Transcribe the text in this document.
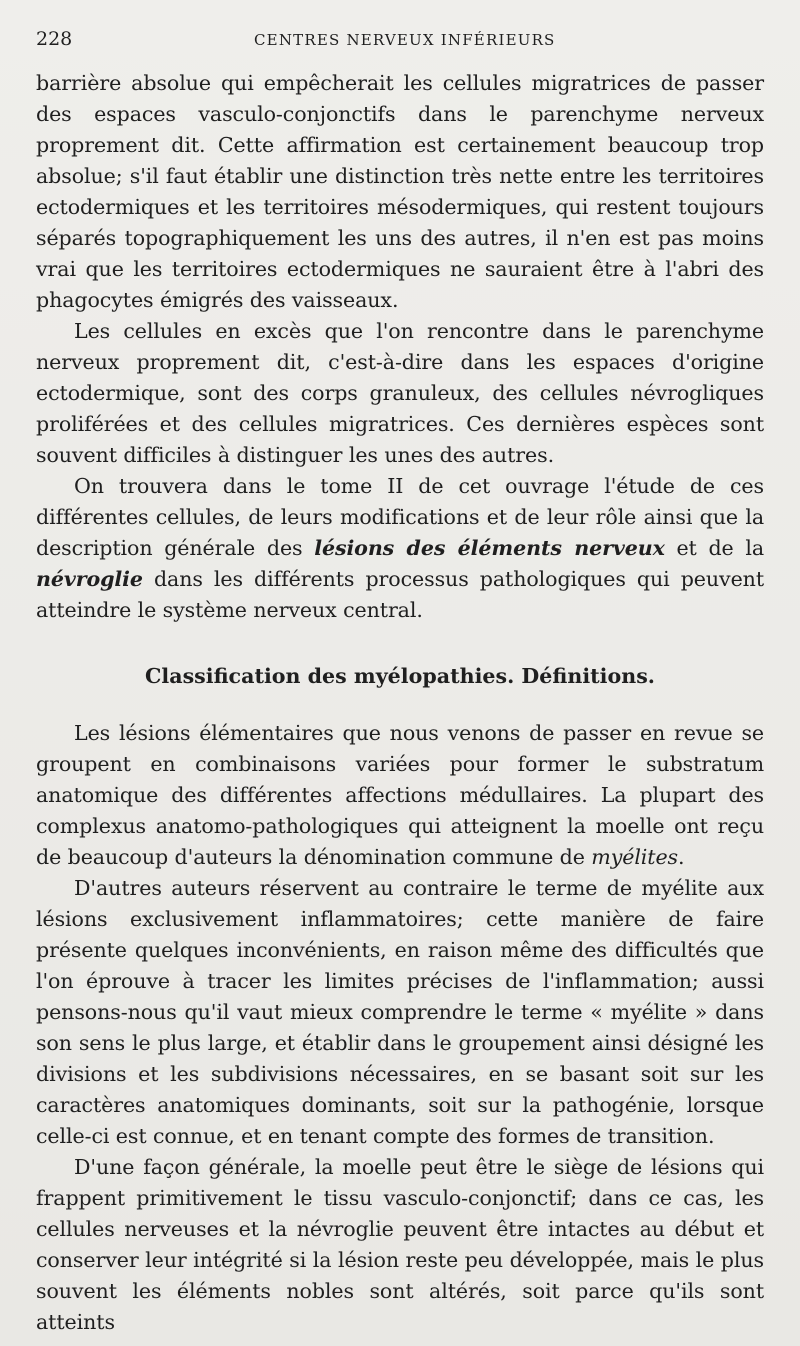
228	CENTRES NERVEUX INFÉRIEURS

barrière absolue qui empêcherait les cellules migratrices de passer des espaces vasculo-conjonctifs dans le parenchyme nerveux proprement dit. Cette affirmation est certainement beaucoup trop absolue; s'il faut établir une distinction très nette entre les territoires ectodermiques et les territoires mésodermiques, qui restent toujours séparés topographiquement les uns des autres, il n'en est pas moins vrai que les territoires ectodermiques ne sauraient être à l'abri des phagocytes émigrés des vaisseaux.

Les cellules en excès que l'on rencontre dans le parenchyme nerveux proprement dit, c'est-à-dire dans les espaces d'origine ectodermique, sont des corps granuleux, des cellules névrogliques proliférées et des cellules migratrices. Ces dernières espèces sont souvent difficiles à distinguer les unes des autres.

On trouvera dans le tome II de cet ouvrage l'étude de ces différentes cellules, de leurs modifications et de leur rôle ainsi que la description générale des lésions des éléments nerveux et de la névroglie dans les différents processus pathologiques qui peuvent atteindre le système nerveux central.

Classification des myélopathies. Définitions.

Les lésions élémentaires que nous venons de passer en revue se groupent en combinaisons variées pour former le substratum anatomique des différentes affections médullaires. La plupart des complexus anatomo-pathologiques qui atteignent la moelle ont reçu de beaucoup d'auteurs la dénomination commune de myélites.

D'autres auteurs réservent au contraire le terme de myélite aux lésions exclusivement inflammatoires; cette manière de faire présente quelques inconvénients, en raison même des difficultés que l'on éprouve à tracer les limites précises de l'inflammation; aussi pensons-nous qu'il vaut mieux comprendre le terme « myélite » dans son sens le plus large, et établir dans le groupement ainsi désigné les divisions et les subdivisions nécessaires, en se basant soit sur les caractères anatomiques dominants, soit sur la pathogénie, lorsque celle-ci est connue, et en tenant compte des formes de transition.

D'une façon générale, la moelle peut être le siège de lésions qui frappent primitivement le tissu vasculo-conjonctif; dans ce cas, les cellules nerveuses et la névroglie peuvent être intactes au début et conserver leur intégrité si la lésion reste peu développée, mais le plus souvent les éléments nobles sont altérés, soit parce qu'ils sont atteints
